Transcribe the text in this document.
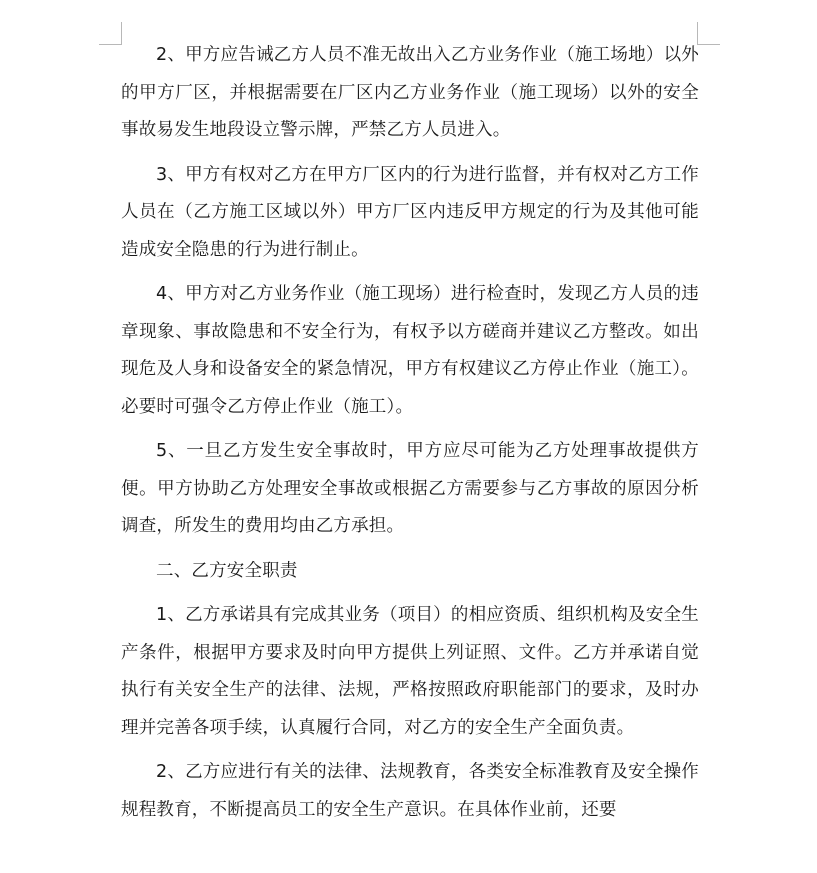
2、甲方应告诫乙方人员不准无故出入乙方业务作业（施工场地）以外的甲方厂区，并根据需要在厂区内乙方业务作业（施工现场）以外的安全事故易发生地段设立警示牌，严禁乙方人员进入。

3、甲方有权对乙方在甲方厂区内的行为进行监督，并有权对乙方工作人员在（乙方施工区域以外）甲方厂区内违反甲方规定的行为及其他可能造成安全隐患的行为进行制止。

4、甲方对乙方业务作业（施工现场）进行检查时，发现乙方人员的违章现象、事故隐患和不安全行为，有权予以方磋商并建议乙方整改。如出现危及人身和设备安全的紧急情况，甲方有权建议乙方停止作业（施工）。必要时可强令乙方停止作业（施工）。

5、一旦乙方发生安全事故时，甲方应尽可能为乙方处理事故提供方便。甲方协助乙方处理安全事故或根据乙方需要参与乙方事故的原因分析调查，所发生的费用均由乙方承担。

二、乙方安全职责

1、乙方承诺具有完成其业务（项目）的相应资质、组织机构及安全生产条件，根据甲方要求及时向甲方提供上列证照、文件。乙方并承诺自觉执行有关安全生产的法律、法规，严格按照政府职能部门的要求，及时办理并完善各项手续，认真履行合同，对乙方的安全生产全面负责。

2、乙方应进行有关的法律、法规教育，各类安全标准教育及安全操作规程教育，不断提高员工的安全生产意识。在具体作业前，还要
